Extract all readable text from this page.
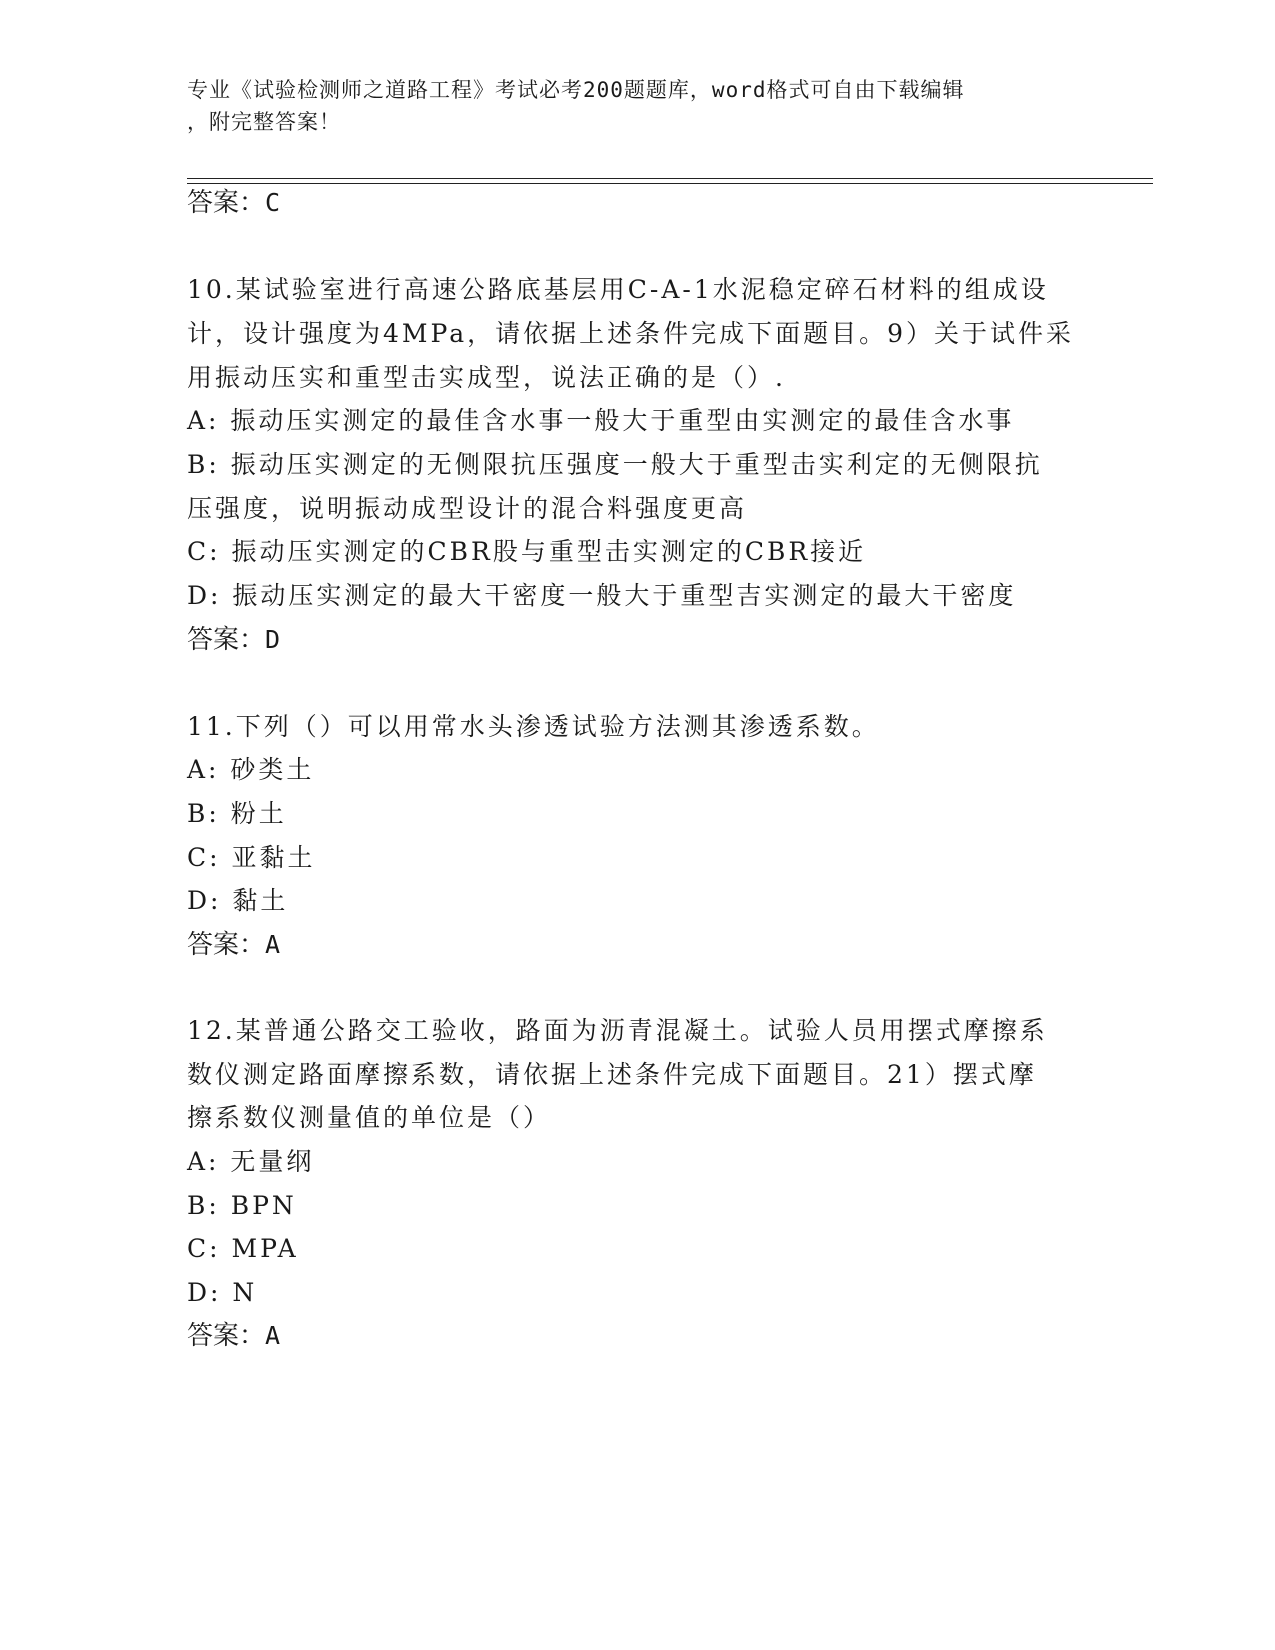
专业《试验检测师之道路工程》考试必考200题题库，word格式可自由下载编辑
，附完整答案！
答案：C
10.某试验室进行高速公路底基层用C-A-1水泥稳定碎石材料的组成设
计，设计强度为4MPa，请依据上述条件完成下面题目。9）关于试件采
用振动压实和重型击实成型，说法正确的是（）.
A: 振动压实测定的最佳含水事一般大于重型由实测定的最佳含水事
B: 振动压实测定的无侧限抗压强度一般大于重型击实利定的无侧限抗
压强度，说明振动成型设计的混合料强度更高
C: 振动压实测定的CBR股与重型击实测定的CBR接近
D: 振动压实测定的最大干密度一般大于重型吉实测定的最大干密度
答案：D
11.下列（）可以用常水头渗透试验方法测其渗透系数。
A: 砂类土
B: 粉土
C: 亚黏土
D: 黏土
答案：A
12.某普通公路交工验收，路面为沥青混凝土。试验人员用摆式摩擦系
数仪测定路面摩擦系数，请依据上述条件完成下面题目。21）摆式摩
擦系数仪测量值的单位是（）
A: 无量纲
B: BPN
C: MPA
D: N
答案：A
